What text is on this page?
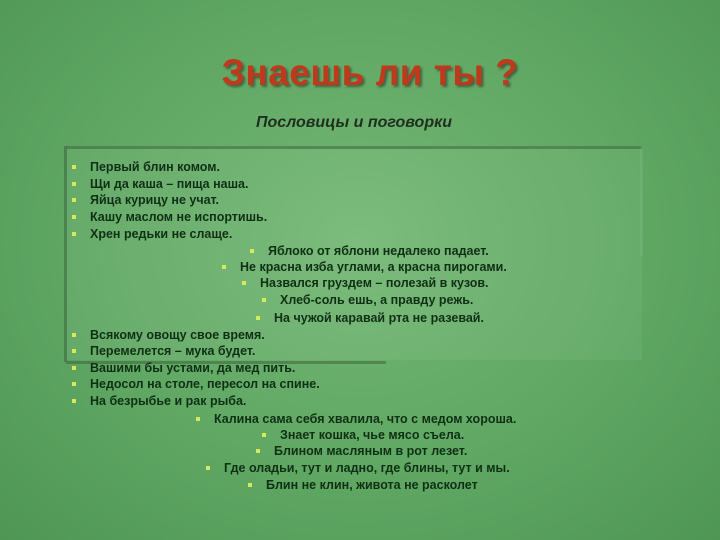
Знаешь ли ты ?
Пословицы и поговорки
Первый блин комом.
Щи да каша – пища наша.
Яйца курицу не учат.
Кашу маслом не испортишь.
Хрен редьки не слаще.
Яблоко от яблони недалеко падает.
Не красна изба углами, а красна пирогами.
Назвался груздем – полезай в кузов.
Хлеб-соль ешь, а правду режь.
На чужой каравай рта не разевай.
Всякому овощу свое время.
Перемелется – мука будет.
Вашими бы устами, да мед пить.
Недосол на столе, пересол на спине.
На безрыбье и рак рыба.
Калина сама себя хвалила, что с медом хороша.
Знает кошка, чье мясо съела.
Блином масляным в рот лезет.
Где оладьи, тут и ладно, где блины, тут и мы.
Блин не клин, живота не расколет
